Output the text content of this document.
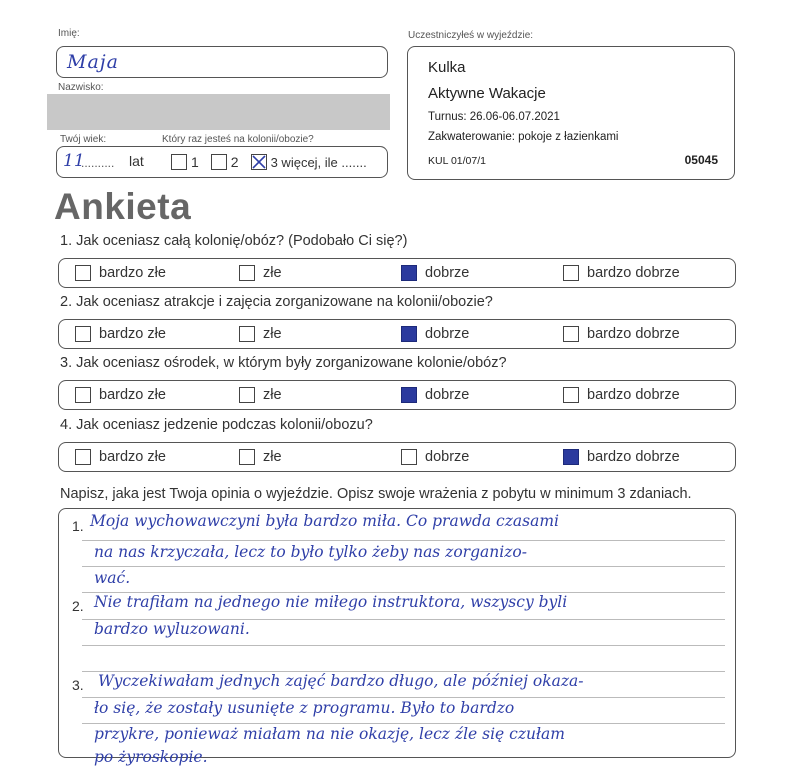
Imię:
Maja
Nazwisko:
Twój wiek:	Który raz jesteś na kolonii/obozie?
11
.......... lat	1 2 3 więcej, ile .......
Uczestniczyłeś w wyjeździe:
Kulka
Aktywne Wakacje
Turnus: 26.06-06.07.2021
Zakwaterowanie: pokoje z łazienkami
KUL 01/07/1	05045
Ankieta
1. Jak oceniasz całą kolonię/obóz? (Podobało Ci się?)
bardzo złe	złe	dobrze	bardzo dobrze
2. Jak oceniasz atrakcje i zajęcia zorganizowane na kolonii/obozie?
bardzo złe	złe	dobrze	bardzo dobrze
3. Jak oceniasz ośrodek, w którym były zorganizowane kolonie/obóz?
bardzo złe	złe	dobrze	bardzo dobrze
4. Jak oceniasz jedzenie podczas kolonii/obozu?
bardzo złe	złe	dobrze	bardzo dobrze
Napisz, jaka jest Twoja opinia o wyjeździe. Opisz swoje wrażenia z pobytu w minimum 3 zdaniach.
1.
2.
3.
Moja wychowawczyni była bardzo miła. Co prawda czasami
na nas krzyczała, lecz to było tylko żeby nas zorganizo-
wać.
Nie trafiłam na jednego nie miłego instruktora, wszyscy byli
bardzo wyluzowani.
Wyczekiwałam jednych zajęć bardzo długo, ale później okaza-
ło się, że zostały usunięte z programu. Było to bardzo
przykre, ponieważ miałam na nie okazję, lecz źle się czułam
po żyroskopie.
